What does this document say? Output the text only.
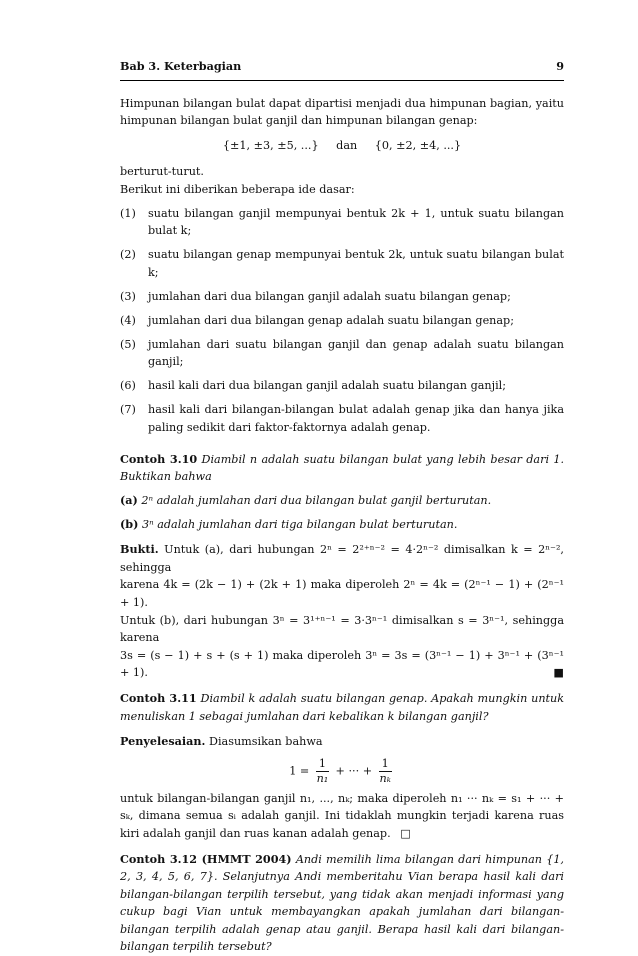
Bab 3. Keterbagian	9

Himpunan bilangan bulat dapat dipartisi menjadi dua himpunan bagian, yaitu himpunan bilangan bulat ganjil dan himpunan bilangan genap:

{±1, ±3, ±5, ...} dan {0, ±2, ±4, ...}

berturut-turut.

Berikut ini diberikan beberapa ide dasar:

(1)	suatu bilangan ganjil mempunyai bentuk 2k + 1, untuk suatu bilangan bulat k;
(2)	suatu bilangan genap mempunyai bentuk 2k, untuk suatu bilangan bulat k;
(3)	jumlahan dari dua bilangan ganjil adalah suatu bilangan genap;
(4)	jumlahan dari dua bilangan genap adalah suatu bilangan genap;
(5)	jumlahan dari suatu bilangan ganjil dan genap adalah suatu bilangan ganjil;
(6)	hasil kali dari dua bilangan ganjil adalah suatu bilangan ganjil;
(7)	hasil kali dari bilangan-bilangan bulat adalah genap jika dan hanya jika paling sedikit dari faktor-faktornya adalah genap.

Contoh 3.10 Diambil n adalah suatu bilangan bulat yang lebih besar dari 1. Buktikan bahwa

(a) 2ⁿ adalah jumlahan dari dua bilangan bulat ganjil berturutan.

(b) 3ⁿ adalah jumlahan dari tiga bilangan bulat berturutan.

Bukti. Untuk (a), dari hubungan 2ⁿ = 2²⁺ⁿ⁻² = 4·2ⁿ⁻² dimisalkan k = 2ⁿ⁻², sehingga

karena 4k = (2k − 1) + (2k + 1) maka diperoleh 2ⁿ = 4k = (2ⁿ⁻¹ − 1) + (2ⁿ⁻¹ + 1).

Untuk (b), dari hubungan 3ⁿ = 3¹⁺ⁿ⁻¹ = 3·3ⁿ⁻¹ dimisalkan s = 3ⁿ⁻¹, sehingga karena

3s = (s − 1) + s + (s + 1) maka diperoleh 3ⁿ = 3s = (3ⁿ⁻¹ − 1) + 3ⁿ⁻¹ + (3ⁿ⁻¹ + 1).	■

Contoh 3.11 Diambil k adalah suatu bilangan genap. Apakah mungkin untuk menuliskan 1 sebagai jumlahan dari kebalikan k bilangan ganjil?

Penyelesaian. Diasumsikan bahwa

$1 = \frac{1}{\text{n₁}}$ + ··· + $\frac{1}{\text{nₖ}}$

untuk bilangan-bilangan ganjil n₁, ..., nₖ; maka diperoleh n₁ ··· nₖ = s₁ + ··· + sₖ, dimana semua sᵢ adalah ganjil. Ini tidaklah mungkin terjadi karena ruas kiri adalah ganjil dan ruas kanan adalah genap. □

Contoh 3.12 (HMMT 2004) Andi memilih lima bilangan dari himpunan {1, 2, 3, 4, 5, 6, 7}. Selanjutnya Andi memberitahu Vian berapa hasil kali dari bilangan-bilangan terpilih tersebut, yang tidak akan menjadi informasi yang cukup bagi Vian untuk membayangkan apakah jumlahan dari bilangan-bilangan terpilih adalah genap atau ganjil. Berapa hasil kali dari bilangan-bilangan terpilih tersebut?
